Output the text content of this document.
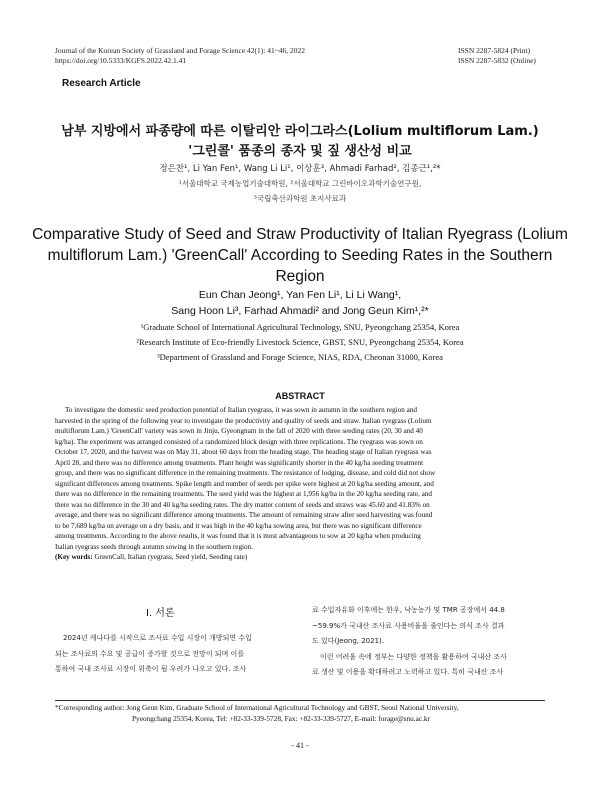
Journal of the Korean Society of Grassland and Forage Science 42(1): 41~46, 2022
https://doi.org/10.5333/KGFS.2022.42.1.41
ISSN 2287-5824 (Print)
ISSN 2287-5832 (Online)
Research Article
남부 지방에서 파종량에 따른 이탈리안 라이그라스(Lolium multiflorum Lam.)
'그린콜' 품종의 종자 및 짚 생산성 비교
정은찬¹, Li Yan Fen¹, Wang Li Li¹, 이상훈³, Ahmadi Farhad², 김종근¹,²*
¹서울대학교 국제농업기술대학원, ²서울대학교 그린바이오과학기술연구원,
³국립축산과학원 초지사료과
Comparative Study of Seed and Straw Productivity of Italian Ryegrass (Lolium
multiflorum Lam.) 'GreenCall' According to Seeding Rates in the Southern
Region
Eun Chan Jeong¹, Yan Fen Li¹, Li Li Wang¹,
Sang Hoon Li³, Farhad Ahmadi² and Jong Geun Kim¹,²*
¹Graduate School of International Agricultural Technology, SNU, Pyeongchang 25354, Korea
²Research Institute of Eco-friendly Livestock Science, GBST, SNU, Pyeongchang 25354, Korea
³Department of Grassland and Forage Science, NIAS, RDA, Cheonan 31000, Korea
ABSTRACT
To investigate the domestic seed production potential of Italian ryegrass, it was sown in autumn in the southern region and
harvested in the spring of the following year to investigate the productivity and quality of seeds and straw. Italian ryegrass (Lolium
multiflorum Lam.) 'GreenCall' variety was sown in Jinju, Gyeongnam in the fall of 2020 with three seeding rates (20, 30 and 40
kg/ha). The experiment was arranged consisted of a randomized block design with three replications. The ryegrass was sown on
October 17, 2020, and the harvest was on May 31, about 60 days from the heading stage. The heading stage of Italian ryegrass was
April 28, and there was no difference among treatments. Plant height was significantly shorter in the 40 kg/ha seeding treatment
group, and there was no significant difference in the remaining treatments. The resistance of lodging, disease, and cold did not show
significant differences among treatments. Spike length and number of seeds per spike were highest at 20 kg/ha seeding amount, and
there was no difference in the remaining treatments. The seed yield was the highest at 1,956 kg/ha in the 20 kg/ha seeding rate, and
there was no difference in the 30 and 40 kg/ha seeding rates. The dry matter content of seeds and straws was 45.60 and 41.83% on
average, and there was no significant difference among treatments. The amount of remaining straw after seed harvesting was found
to be 7,689 kg/ha on average on a dry basis, and it was high in the 40 kg/ha sowing area, but there was no significant difference
among treatments. According to the above results, it was found that it is most advantageous to sow at 20 kg/ha when producing
Italian ryegrass seeds through autumn sowing in the southern region.
(Key words: GreenCall, Italian ryegrass, Seed yield, Seeding rate)
Ⅰ. 서론
2024년 캐나다를 시작으로 조사료 수입 시장이 개방되면 수입
되는 조사료의 수요 및 공급이 증가할 것으로 전망이 되며 이를
통하여 국내 조사료 시장이 위축이 될 우려가 나오고 있다. 조사
료 수입자유화 이후에는 한우, 낙농농가 및 TMR 공장에서 44.8
~59.9%가 국내산 조사료 사용비율을 줄인다는 의식 조사 결과
도 있다(Jeong, 2021).
이런 어려움 속에 정부는 다양한 정책을 활용하여 국내산 조사
료 생산 및 이용을 확대하려고 노력하고 있다. 특히 국내산 조사
*Corresponding author: Jong Geun Kim, Graduate School of International Agricultural Technology and GBST, Seoul National University,
Pyeongchang 25354, Korea, Tel: +82-33-339-5728, Fax: +82-33-339-5727, E-mail: forage@snu.ac.kr
- 41 -
